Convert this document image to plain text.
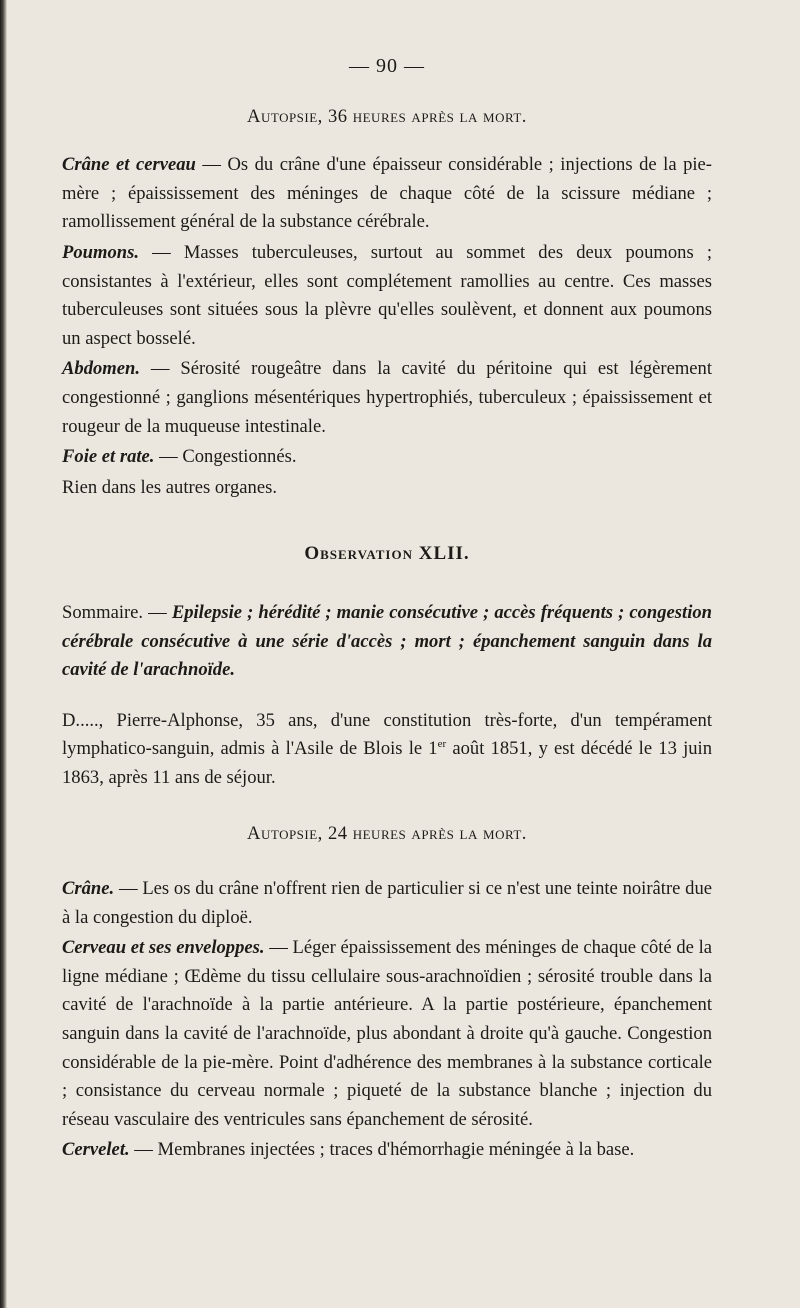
— 90 —

Autopsie, 36 heures après la mort.

Crâne et cerveau — Os du crâne d'une épaisseur considérable ; injections de la pie-mère ; épaississement des méninges de chaque côté de la scissure médiane ; ramollissement général de la substance cérébrale.

Poumons. — Masses tuberculeuses, surtout au sommet des deux poumons ; consistantes à l'extérieur, elles sont complétement ramollies au centre. Ces masses tuberculeuses sont situées sous la plèvre qu'elles soulèvent, et donnent aux poumons un aspect bosselé.

Abdomen. — Sérosité rougeâtre dans la cavité du péritoine qui est légèrement congestionné ; ganglions mésentériques hypertrophiés, tuberculeux ; épaississement et rougeur de la muqueuse intestinale.

Foie et rate. — Congestionnés.

Rien dans les autres organes.

Observation XLII.

Sommaire. — Epilepsie ; hérédité ; manie consécutive ; accès fréquents ; congestion cérébrale consécutive à une série d'accès ; mort ; épanchement sanguin dans la cavité de l'arachnoïde.

D....., Pierre-Alphonse, 35 ans, d'une constitution très-forte, d'un tempérament lymphatico-sanguin, admis à l'Asile de Blois le 1er août 1851, y est décédé le 13 juin 1863, après 11 ans de séjour.

Autopsie, 24 heures après la mort.

Crâne. — Les os du crâne n'offrent rien de particulier si ce n'est une teinte noirâtre due à la congestion du diploë.

Cerveau et ses enveloppes. — Léger épaississement des méninges de chaque côté de la ligne médiane ; Œdème du tissu cellulaire sous-arachnoïdien ; sérosité trouble dans la cavité de l'arachnoïde à la partie antérieure. A la partie postérieure, épanchement sanguin dans la cavité de l'arachnoïde, plus abondant à droite qu'à gauche. Congestion considérable de la pie-mère. Point d'adhérence des membranes à la substance corticale ; consistance du cerveau normale ; piqueté de la substance blanche ; injection du réseau vasculaire des ventricules sans épanchement de sérosité.

Cervelet. — Membranes injectées ; traces d'hémorrhagie méningée à la base.
